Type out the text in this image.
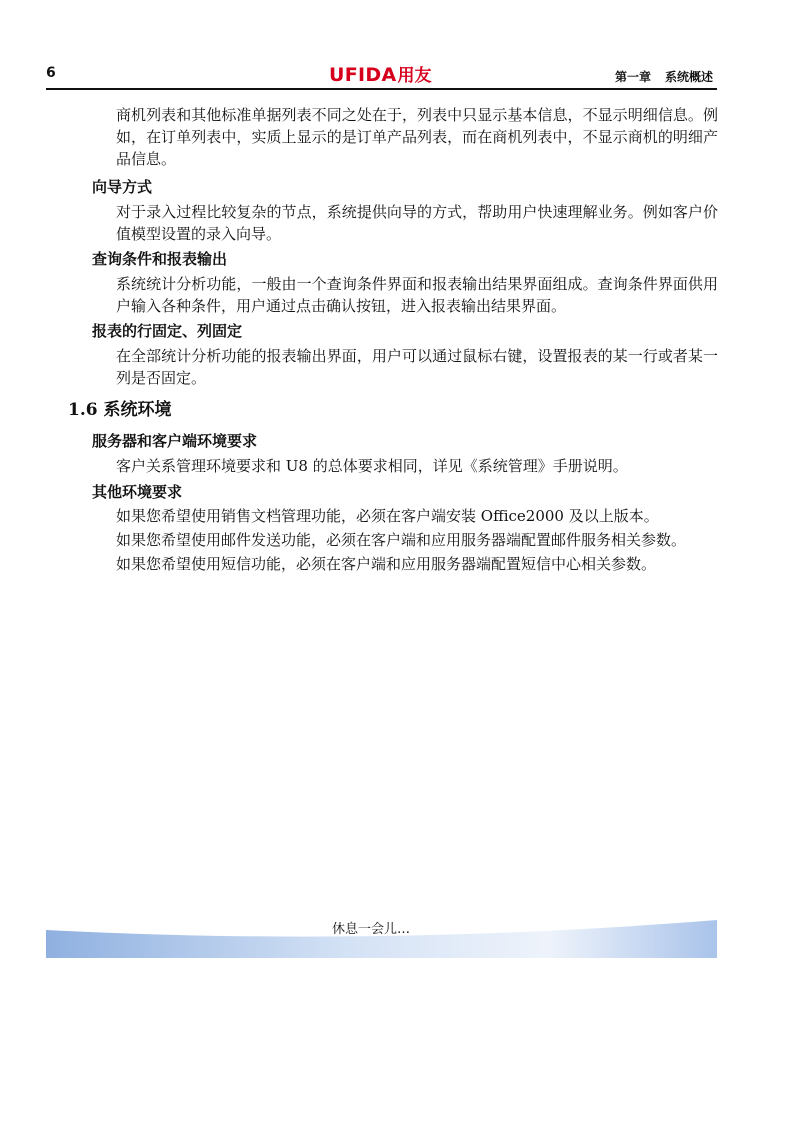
6	UFIDA用友	第一章 系统概述
商机列表和其他标准单据列表不同之处在于，列表中只显示基本信息，不显示明细信息。例如，在订单列表中，实质上显示的是订单产品列表，而在商机列表中，不显示商机的明细产品信息。
向导方式
对于录入过程比较复杂的节点，系统提供向导的方式，帮助用户快速理解业务。例如客户价值模型设置的录入向导。
查询条件和报表输出
系统统计分析功能，一般由一个查询条件界面和报表输出结果界面组成。查询条件界面供用户输入各种条件，用户通过点击确认按钮，进入报表输出结果界面。
报表的行固定、列固定
在全部统计分析功能的报表输出界面，用户可以通过鼠标右键，设置报表的某一行或者某一列是否固定。
1.6 系统环境
服务器和客户端环境要求
客户关系管理环境要求和 U8 的总体要求相同，详见《系统管理》手册说明。
其他环境要求
如果您希望使用销售文档管理功能，必须在客户端安装 Office2000 及以上版本。
如果您希望使用邮件发送功能，必须在客户端和应用服务器端配置邮件服务相关参数。
如果您希望使用短信功能，必须在客户端和应用服务器端配置短信中心相关参数。
休息一会儿…
